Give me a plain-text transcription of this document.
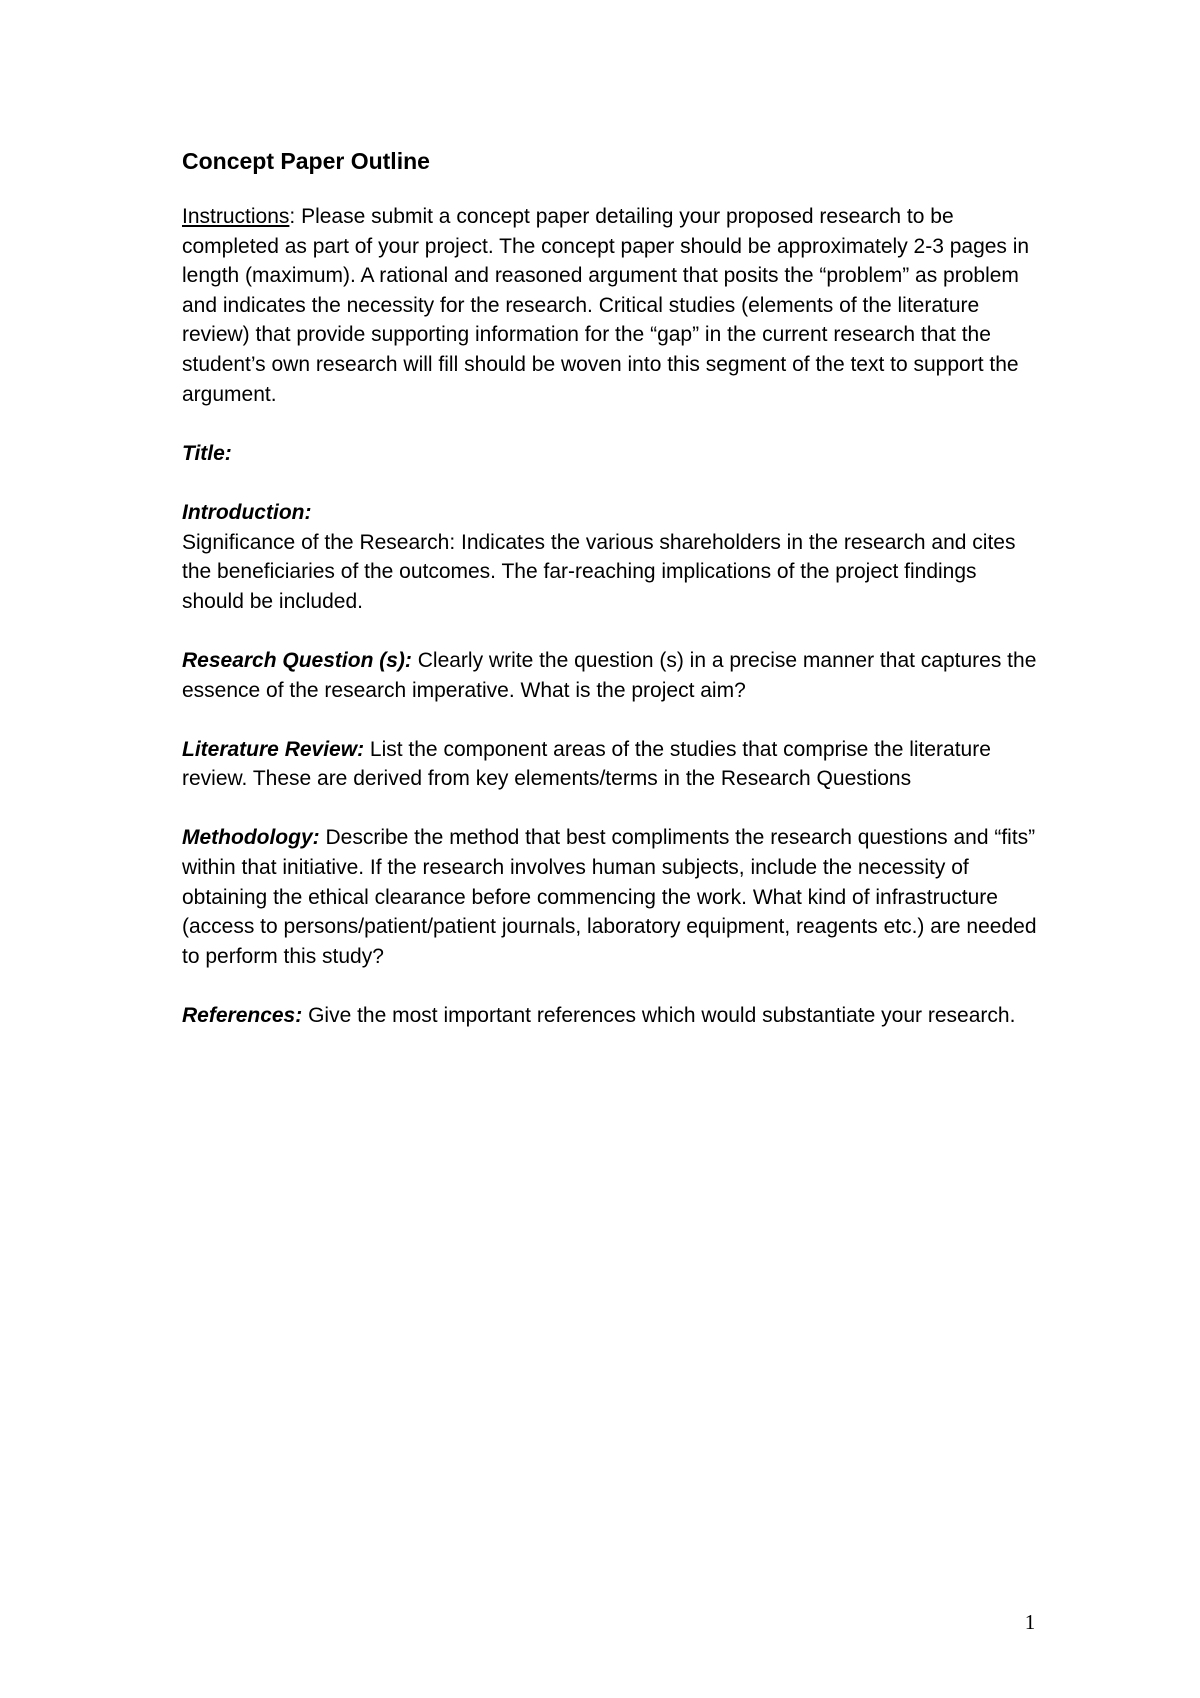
Concept Paper Outline

Instructions: Please submit a concept paper detailing your proposed research to be completed as part of your project. The concept paper should be approximately 2-3 pages in length (maximum). A rational and reasoned argument that posits the “problem” as problem and indicates the necessity for the research. Critical studies (elements of the literature review) that provide supporting information for the “gap” in the current research that the student’s own research will fill should be woven into this segment of the text to support the argument.

Title:

Introduction:
Significance of the Research: Indicates the various shareholders in the research and cites the beneficiaries of the outcomes. The far-reaching implications of the project findings should be included.

Research Question (s): Clearly write the question (s) in a precise manner that captures the essence of the research imperative. What is the project aim?

Literature Review: List the component areas of the studies that comprise the literature review. These are derived from key elements/terms in the Research Questions

Methodology: Describe the method that best compliments the research questions and “fits” within that initiative. If the research involves human subjects, include the necessity of obtaining the ethical clearance before commencing the work. What kind of infrastructure (access to persons/patient/patient journals, laboratory equipment, reagents etc.) are needed to perform this study?

References: Give the most important references which would substantiate your research.

1
